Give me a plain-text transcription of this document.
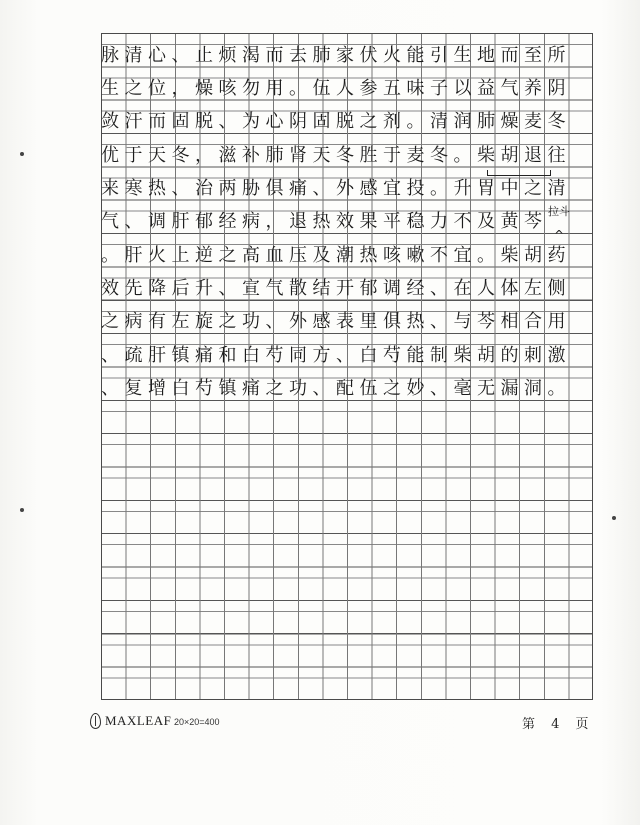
脉清心、止烦渴而去肺家伏火能引生地而至所
生之位，燥咳勿用。伍人参五味子以益气养阴
敛汗而固脱、为心阴固脱之剂。清润肺燥麦冬
优于天冬，滋补肺肾天冬胜于麦冬。柴胡退往
来寒热、治两胁俱痛、外感宜投。升胃中之清
气、调肝郁经病，退热效果平稳力不及黄芩
。肝火上逆之高血压及潮热咳嗽不宜。柴胡药
效先降后升、宣气散结开郁调经、在人体左侧
之病有左旋之功、外感表里俱热、与芩相合用
、疏肝镇痛和白芍同方、白芍能制柴胡的刺激
、复增白芍镇痛之功、配伍之妙、毫无漏洞。
拉斗
^
MAXLEAF 20×20=400	第 4 页
